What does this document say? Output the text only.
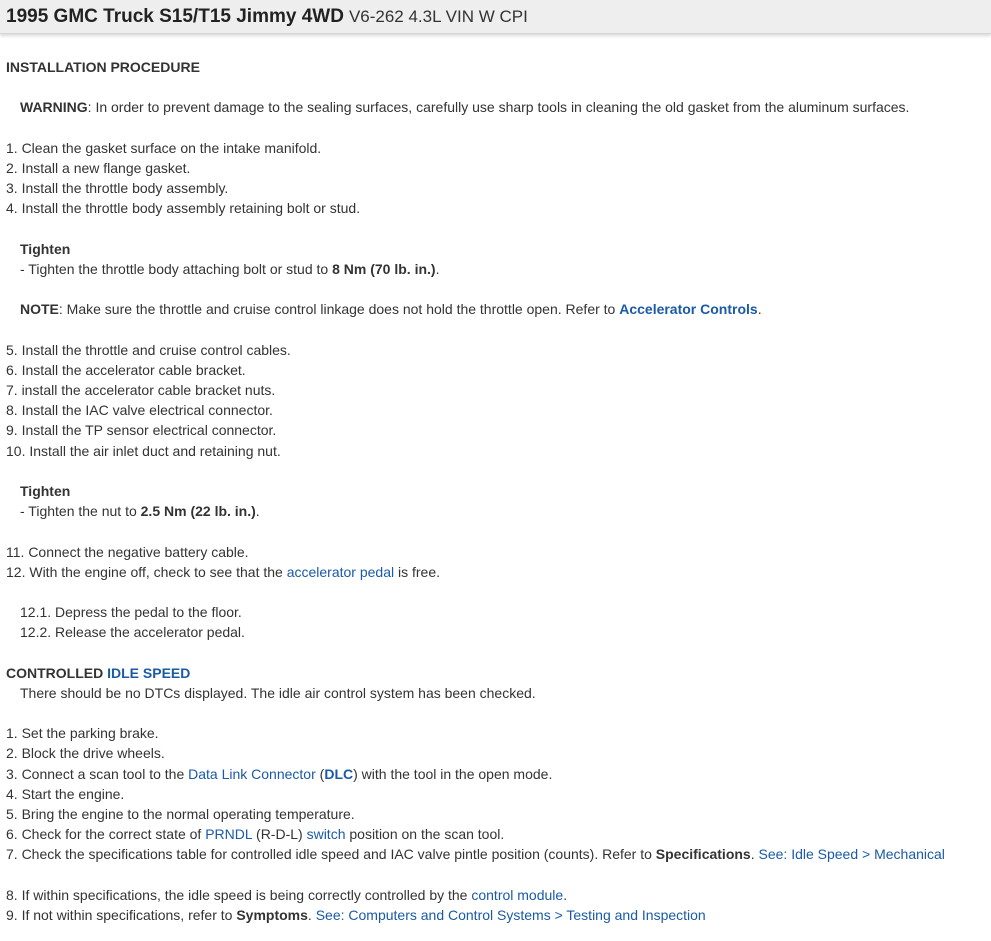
1995 GMC Truck S15/T15 Jimmy 4WD V6-262 4.3L VIN W CPI
INSTALLATION PROCEDURE
WARNING: In order to prevent damage to the sealing surfaces, carefully use sharp tools in cleaning the old gasket from the aluminum surfaces.
1. Clean the gasket surface on the intake manifold.
2. Install a new flange gasket.
3. Install the throttle body assembly.
4. Install the throttle body assembly retaining bolt or stud.
Tighten
- Tighten the throttle body attaching bolt or stud to 8 Nm (70 lb. in.).
NOTE: Make sure the throttle and cruise control linkage does not hold the throttle open. Refer to Accelerator Controls.
5. Install the throttle and cruise control cables.
6. Install the accelerator cable bracket.
7. install the accelerator cable bracket nuts.
8. Install the IAC valve electrical connector.
9. Install the TP sensor electrical connector.
10. Install the air inlet duct and retaining nut.
Tighten
- Tighten the nut to 2.5 Nm (22 lb. in.).
11. Connect the negative battery cable.
12. With the engine off, check to see that the accelerator pedal is free.
12.1. Depress the pedal to the floor.
12.2. Release the accelerator pedal.
CONTROLLED IDLE SPEED
There should be no DTCs displayed. The idle air control system has been checked.
1. Set the parking brake.
2. Block the drive wheels.
3. Connect a scan tool to the Data Link Connector (DLC) with the tool in the open mode.
4. Start the engine.
5. Bring the engine to the normal operating temperature.
6. Check for the correct state of PRNDL (R-D-L) switch position on the scan tool.
7. Check the specifications table for controlled idle speed and IAC valve pintle position (counts). Refer to Specifications. See: Idle Speed > Mechanical
8. If within specifications, the idle speed is being correctly controlled by the control module.
9. If not within specifications, refer to Symptoms. See: Computers and Control Systems > Testing and Inspection
